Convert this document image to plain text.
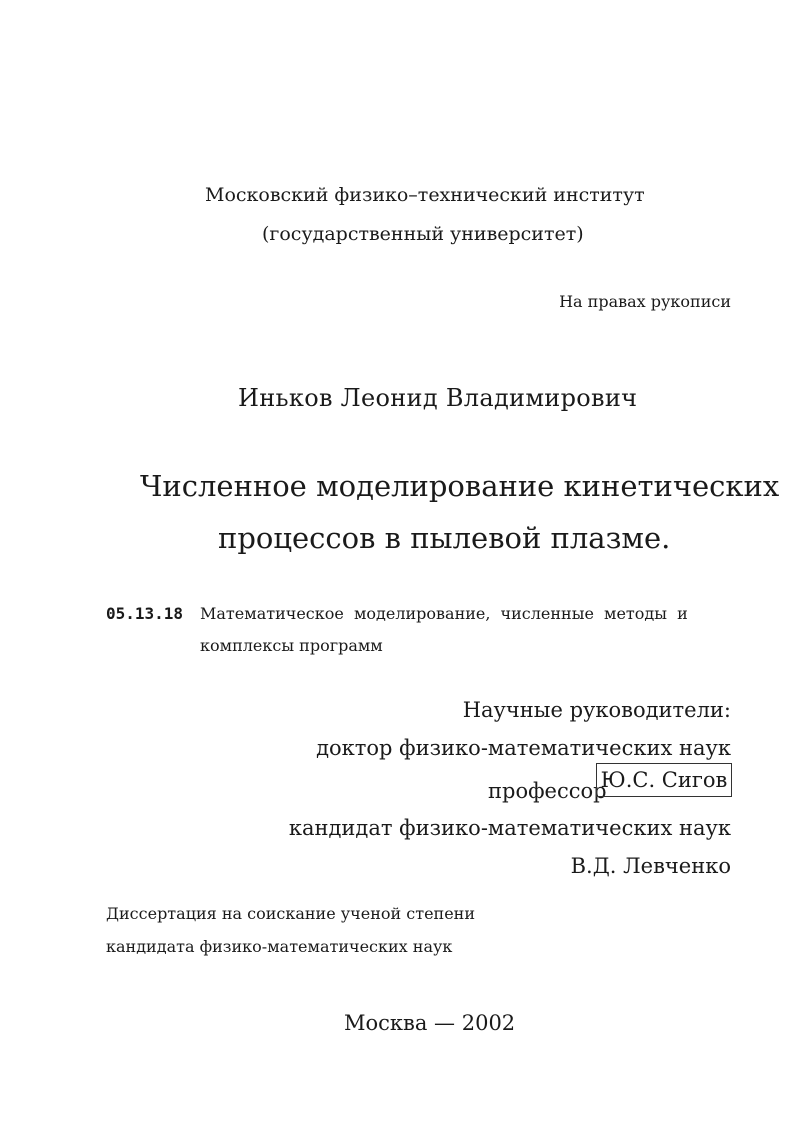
Московский физико–технический институт
(государственный университет)
На правах рукописи
Иньков Леонид Владимирович
Численное моделирование кинетических
процессов в пылевой плазме.
05.13.18 Математическое моделирование, численные методы и
комплексы программ
Научные руководители:
доктор физико-математических наук
профессор
Ю.С. Сигов
кандидат физико-математических наук
В.Д. Левченко
Диссертация на соискание ученой степени
кандидата физико-математических наук
Москва — 2002
